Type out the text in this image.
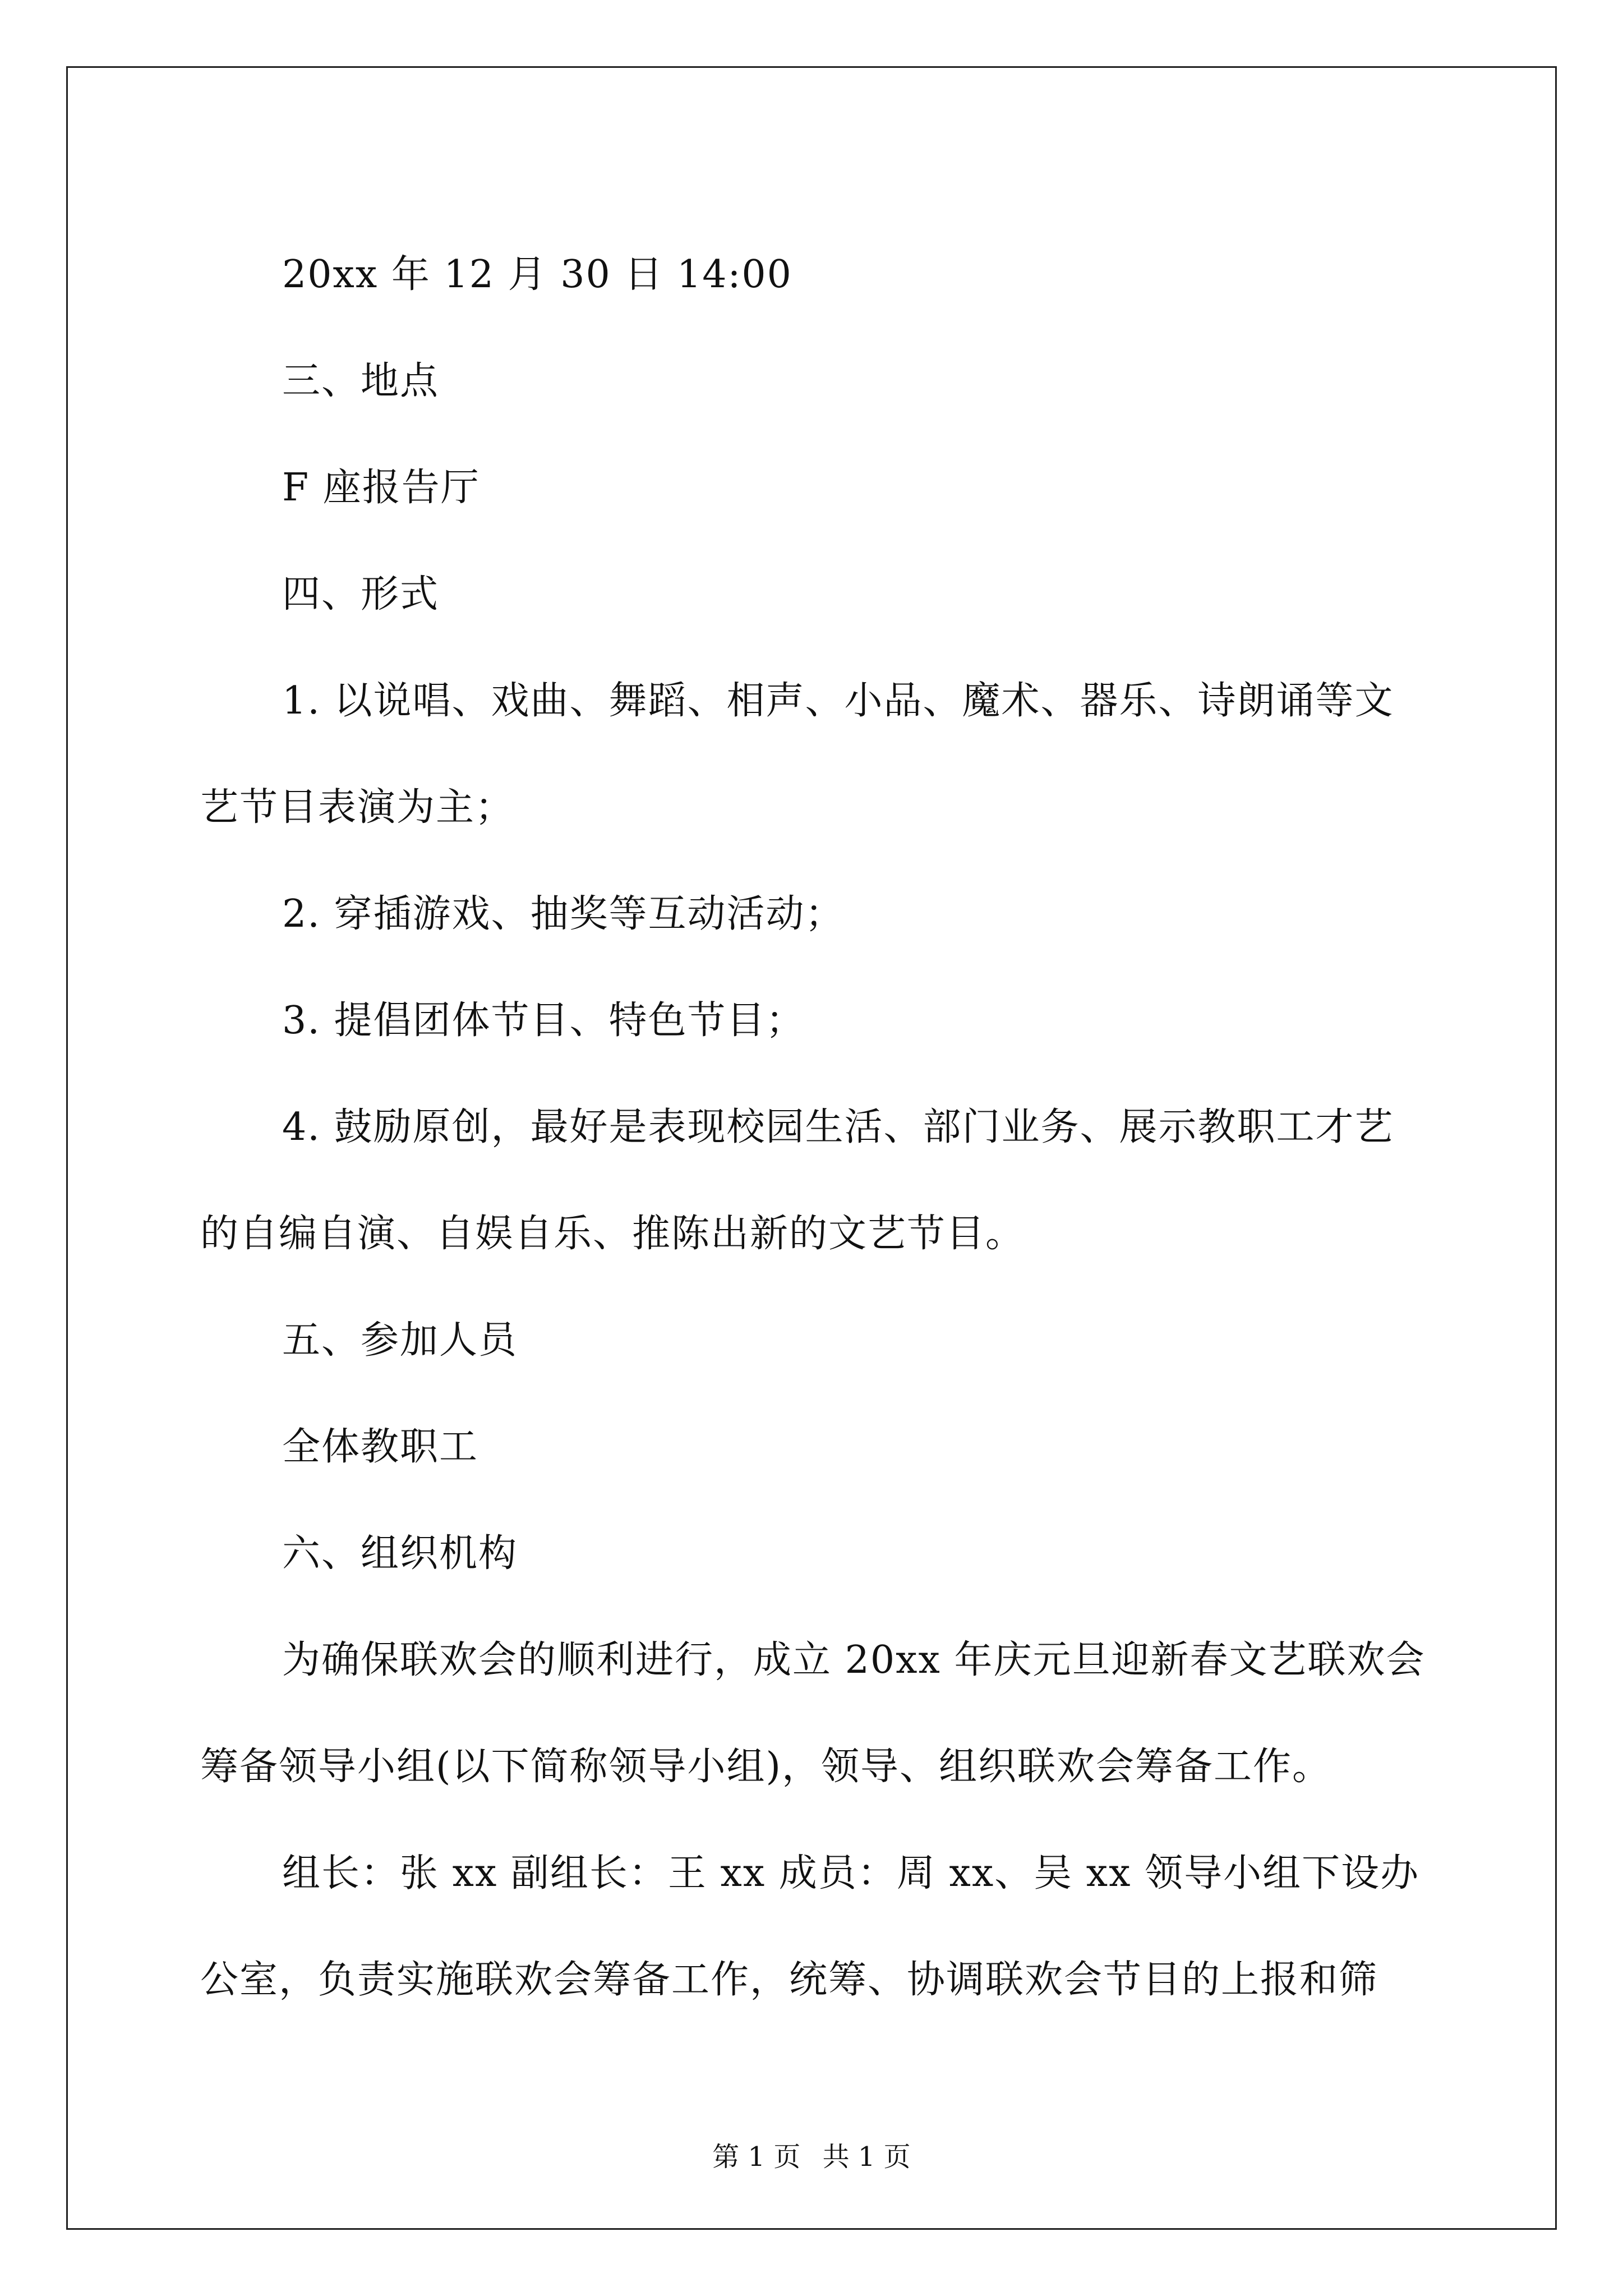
20xx 年 12 月 30 日 14:00

三、地点

F 座报告厅

四、形式

1. 以说唱、戏曲、舞蹈、相声、小品、魔术、器乐、诗朗诵等文艺节目表演为主；

2. 穿插游戏、抽奖等互动活动；

3. 提倡团体节目、特色节目；

4. 鼓励原创，最好是表现校园生活、部门业务、展示教职工才艺的自编自演、自娱自乐、推陈出新的文艺节目。

五、参加人员

全体教职工

六、组织机构

为确保联欢会的顺利进行，成立 20xx 年庆元旦迎新春文艺联欢会筹备领导小组(以下简称领导小组)，领导、组织联欢会筹备工作。

组长：张 xx 副组长：王 xx 成员：周 xx、吴 xx 领导小组下设办公室，负责实施联欢会筹备工作，统筹、协调联欢会节目的上报和筛

第 1 页 共 1 页
